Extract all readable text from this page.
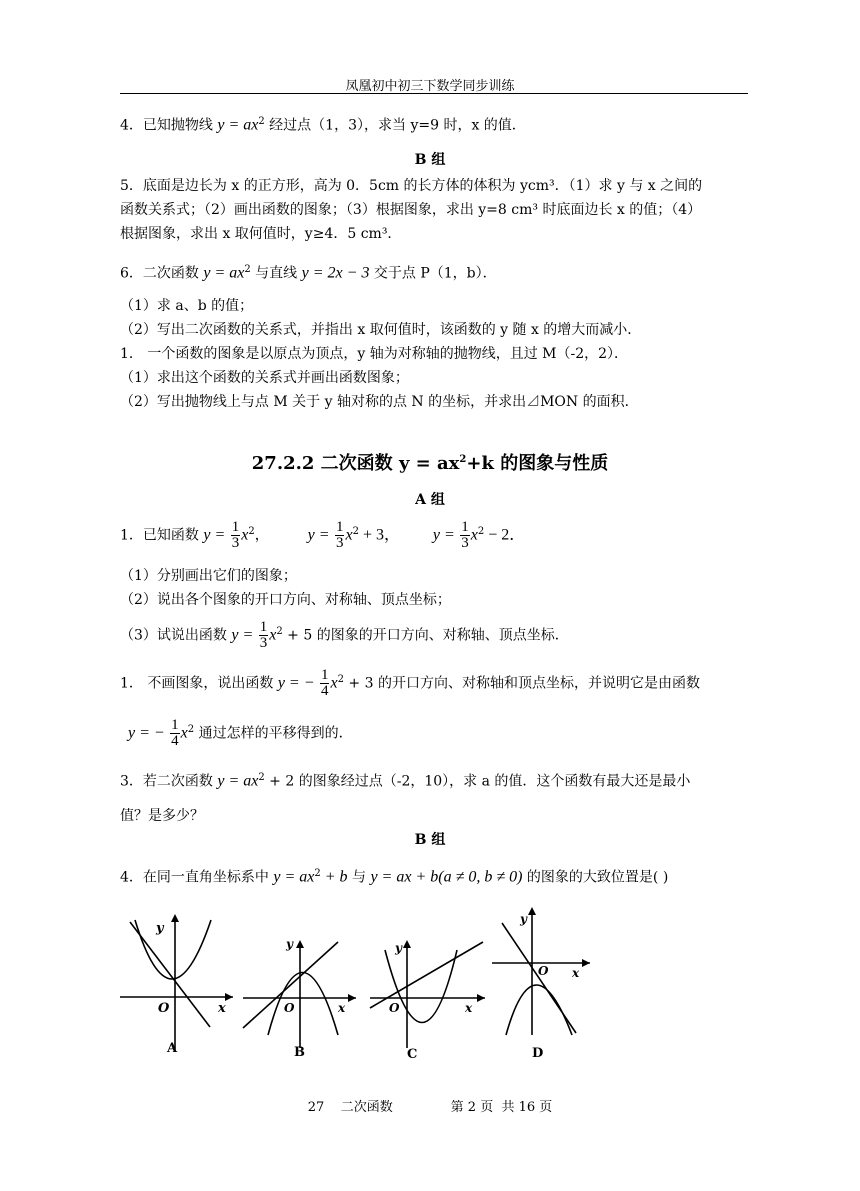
凤凰初中初三下数学同步训练
4．已知抛物线 $y = ax^2$ 经过点（1，3），求当 y=9 时，x 的值．
B 组
5．底面是边长为 x 的正方形，高为 0．5cm 的长方体的体积为 ycm³．（1）求 y 与 x 之间的
函数关系式；（2）画出函数的图象；（3）根据图象，求出 y=8 cm³ 时底面边长 x 的值；（4）
根据图象，求出 x 取何值时，y≥4．5 cm³．
6．二次函数 $y = ax^2$ 与直线 y = 2x − 3 交于点 P（1，b）．
（1）求 a、b 的值；
（2）写出二次函数的关系式，并指出 x 取何值时，该函数的 y 随 x 的增大而减小．
1． 一个函数的图象是以原点为顶点，y 轴为对称轴的抛物线，且过 M（-2，2）．
（1）求出这个函数的关系式并画出函数图象；
（2）写出抛物线上与点 M 关于 y 轴对称的点 N 的坐标，并求出⊿MON 的面积．
27.2.2 二次函数 $y = ax^2+k$ 的图象与性质
A 组
1．已知函数 $y = \frac{1}{3} x^2$， $y = \frac{1}{3} x^2 + 3$， $y = \frac{1}{3} x^2 - 2$．
（1）分别画出它们的图象；
（2）说出各个图象的开口方向、对称轴、顶点坐标；
（3）试说出函数 $y = \frac{1}{3} x^2 + 5$ 的图象的开口方向、对称轴、顶点坐标．
1． 不画图象，说出函数 y = − $\frac{1}{4} x^2 + 3$ 的开口方向、对称轴和顶点坐标，并说明它是由函数
y = − $\frac{1}{4} x^2$ 通过怎样的平移得到的．
3．若二次函数 $y = ax^2 + 2$ 的图象经过点（-2，10），求 a 的值．这个函数有最大还是最小
值？是多少？
B 组
4．在同一直角坐标系中 $y = ax^2 + b$ 与 y = ax + b(a ≠ 0, b ≠ 0) 的图象的大致位置是( )
y
x
O
A
y
x
O
B
y
x
O
C
y
x
O
D
27    二次函数              第 2 页  共 16 页
